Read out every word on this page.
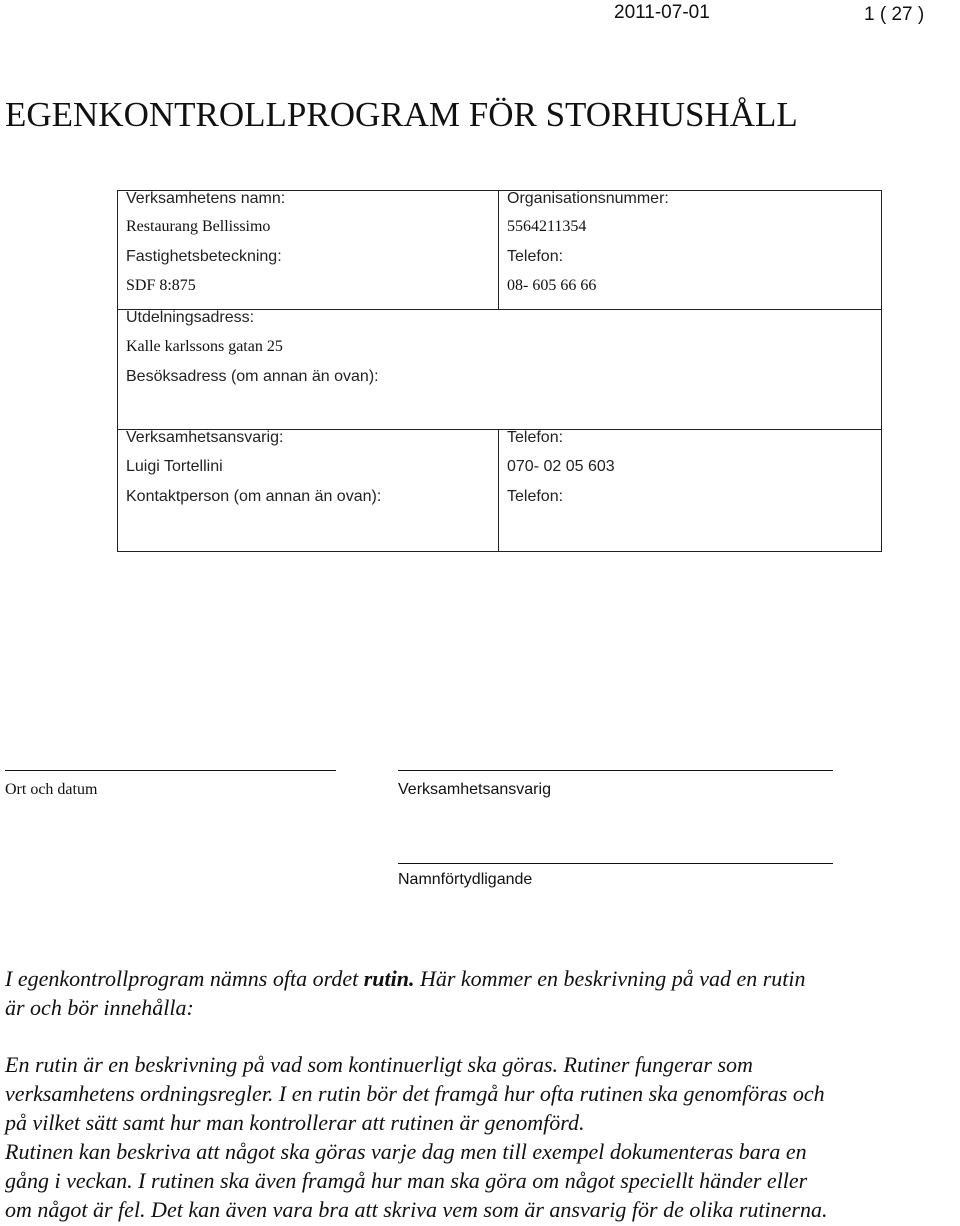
2011-07-01	1 ( 27 )
EGENKONTROLLPROGRAM FÖR STORHUSHÅLL
Verksamhetens namn:
Restaurang Bellissimo
Fastighetsbeteckning:
SDF 8:875
Organisationsnummer:
5564211354
Telefon:
08- 605 66 66
Utdelningsadress:
Kalle karlssons gatan 25
Besöksadress (om annan än ovan):
Verksamhetsansvarig:
Luigi Tortellini
Kontaktperson (om annan än ovan):
Telefon:
070- 02 05 603
Telefon:
Ort och datum	Verksamhetsansvarig
Namnförtydligande
I egenkontrollprogram nämns ofta ordet rutin. Här kommer en beskrivning på vad en rutin
är och bör innehålla:
En rutin är en beskrivning på vad som kontinuerligt ska göras. Rutiner fungerar som
verksamhetens ordningsregler. I en rutin bör det framgå hur ofta rutinen ska genomföras och
på vilket sätt samt hur man kontrollerar att rutinen är genomförd.
Rutinen kan beskriva att något ska göras varje dag men till exempel dokumenteras bara en
gång i veckan. I rutinen ska även framgå hur man ska göra om något speciellt händer eller
om något är fel. Det kan även vara bra att skriva vem som är ansvarig för de olika rutinerna.
